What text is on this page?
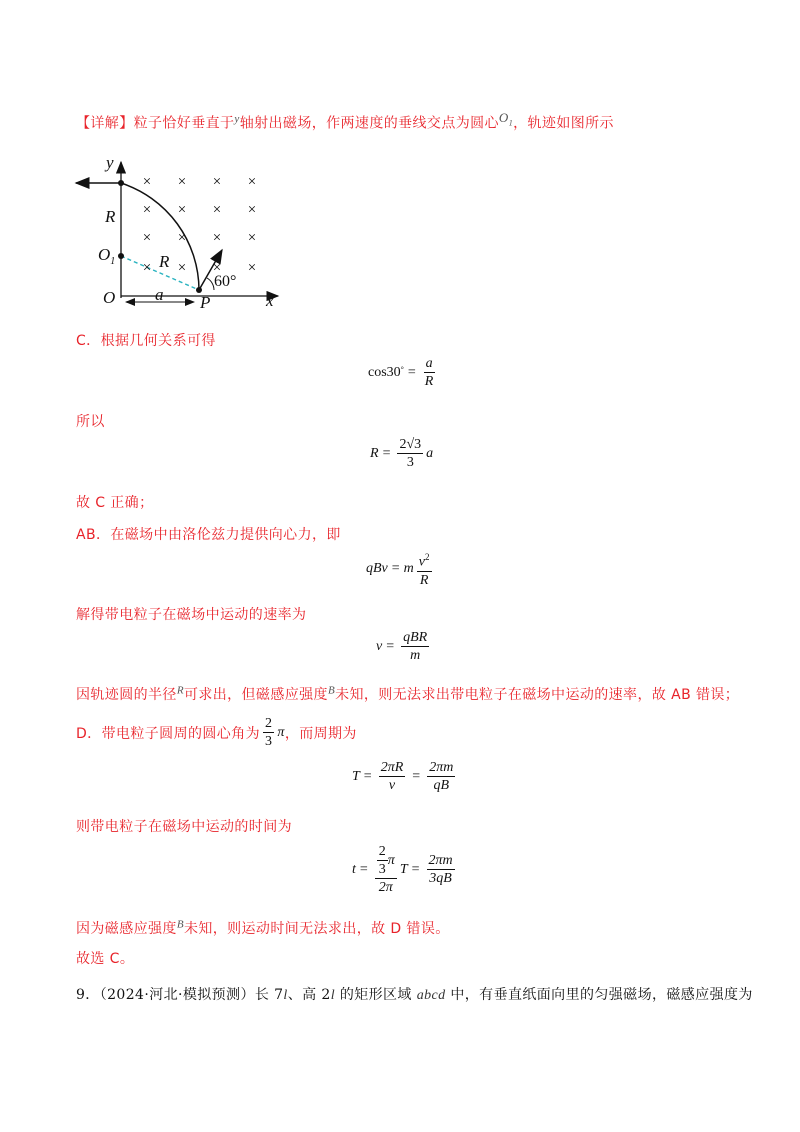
【详解】粒子恰好垂直于$^y$轴射出磁场，作两速度的垂线交点为圆心$^{O_1}$，轨迹如图所示
× × × ×
× × × ×
× × × ×
× × × ×
y
x
O
R
$O_1$	R
60°
a P
C．根据几何关系可得
$\cos 30^\circ = \frac{a}{R}$
所以
$R = \frac{2√3}{3}$ a
故 C 正确；
AB．在磁场中由洛伦兹力提供向心力，即
qBv = m $\frac{v^2}{R}$
解得带电粒子在磁场中运动的速率为
$v = \frac{\text{qBR}}{m}$
因轨迹圆的半径$^R$可求出，但磁感应强度$^B$未知，则无法求出带电粒子在磁场中运动的速率，故 AB 错误；
D．带电粒子圆周的圆心角为 $\frac{2}{3}$ π ，而周期为
$T = \frac{2\pi R}{v} = \frac{2\pi m}{qB}$
则带电粒子在磁场中运动的时间为
$t = \frac{\frac{2}{3} \pi}{2\pi}$ $T = \frac{2\pi m}{3qB}$
因为磁感应强度$^B$未知，则运动时间无法求出，故 D 错误。
故选 C。
9．（2024·河北·模拟预测）长 7l、高 2l 的矩形区域 abcd 中，有垂直纸面向里的匀强磁场，磁感应强度为
